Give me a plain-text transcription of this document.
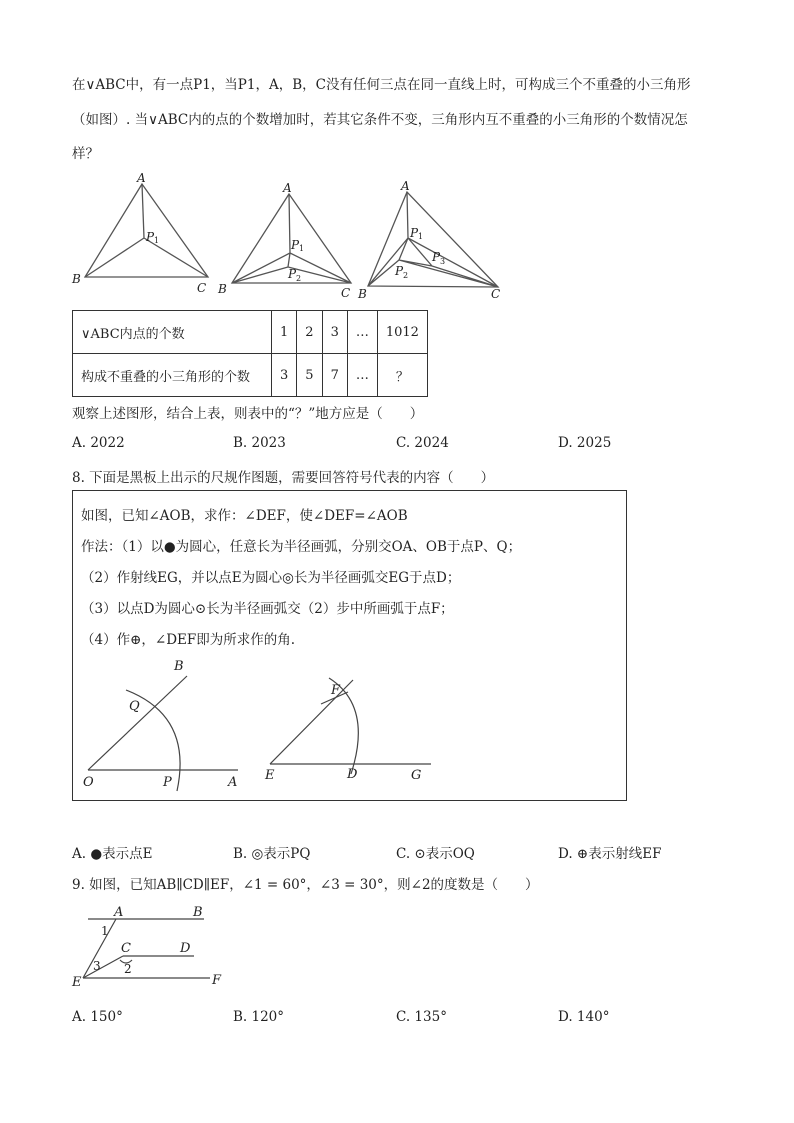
在∨ABC中，有一点P1，当P1，A，B，C没有任何三点在同一直线上时，可构成三个不重叠的小三角形
（如图）. 当∨ABC内的点的个数增加时，若其它条件不变，三角形内互不重叠的小三角形的个数情况怎
样？
A
B
C
P 1
A
B	C
P 1
P 2
A
B	C
P 1
P 2
P 3
∨ABC内点的个数	1	2	3	…	1012
构成不重叠的小三角形的个数	3	5	7	…	？
观察上述图形，结合上表，则表中的“？”地方应是（　　）
A. 2022	B. 2023	C. 2024	D. 2025
8. 下面是黑板上出示的尺规作图题，需要回答符号代表的内容（　　）
如图，已知∠AOB，求作：∠DEF，使∠DEF=∠AOB
作法：（1）以●为圆心，任意长为半径画弧，分别交OA、OB于点P、Q；
（2）作射线EG，并以点E为圆心◎长为半径画弧交EG于点D；
（3）以点D为圆心⊙长为半径画弧交（2）步中所画弧于点F；
（4）作⊕，∠DEF即为所求作的角.
O	A
B
P
Q
E	D	G
F
A. ●表示点E	B. ◎表示PQ	C. ⊙表示OQ	D. ⊕表示射线EF
9. 如图，已知AB∥CD∥EF，∠1 = 60°，∠3 = 30°，则∠2的度数是（　　）
A	B
C	D
E	F
1
2
3
A. 150°	B. 120°	C. 135°	D. 140°
